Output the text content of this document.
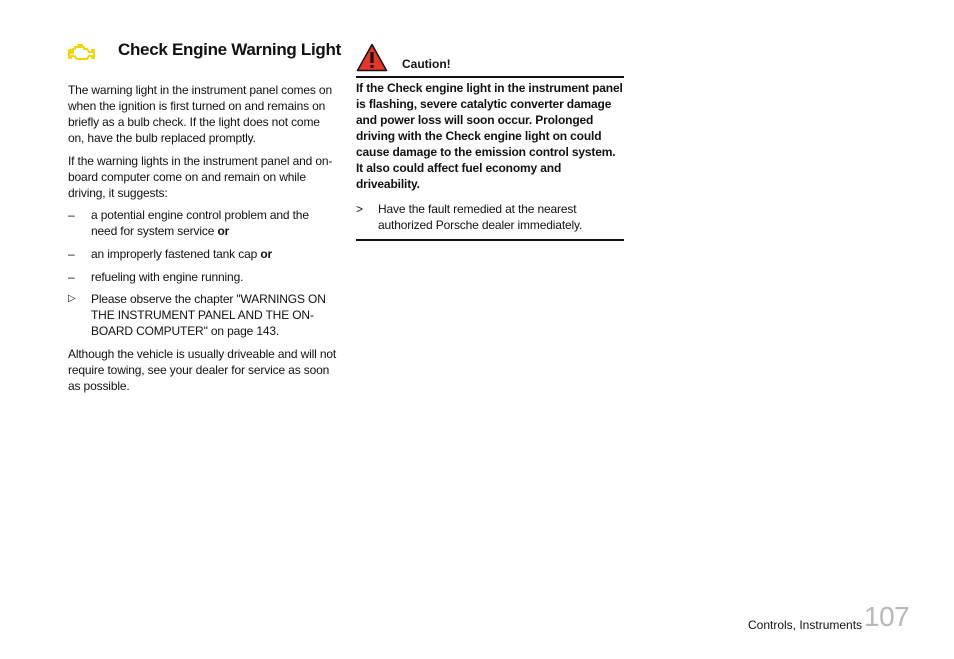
Check Engine Warning Light

The warning light in the instrument panel comes on when the ignition is first turned on and remains on briefly as a bulb check. If the light does not come on, have the bulb replaced promptly.

If the warning lights in the instrument panel and on-board computer come on and remain on while driving, it suggests:

–	a potential engine control problem and the need for system service or
–	an improperly fastened tank cap or
–	refueling with engine running.
▷	Please observe the chapter "WARNINGS ON THE INSTRUMENT PANEL AND THE ON-BOARD COMPUTER" on page 143.

Although the vehicle is usually driveable and will not require towing, see your dealer for service as soon as possible.

Caution!

If the Check engine light in the instrument panel is flashing, severe catalytic converter damage and power loss will soon occur. Prolonged driving with the Check engine light on could cause damage to the emission control system. It also could affect fuel economy and driveability.

>	Have the fault remedied at the nearest authorized Porsche dealer immediately.
Controls, Instruments 107
